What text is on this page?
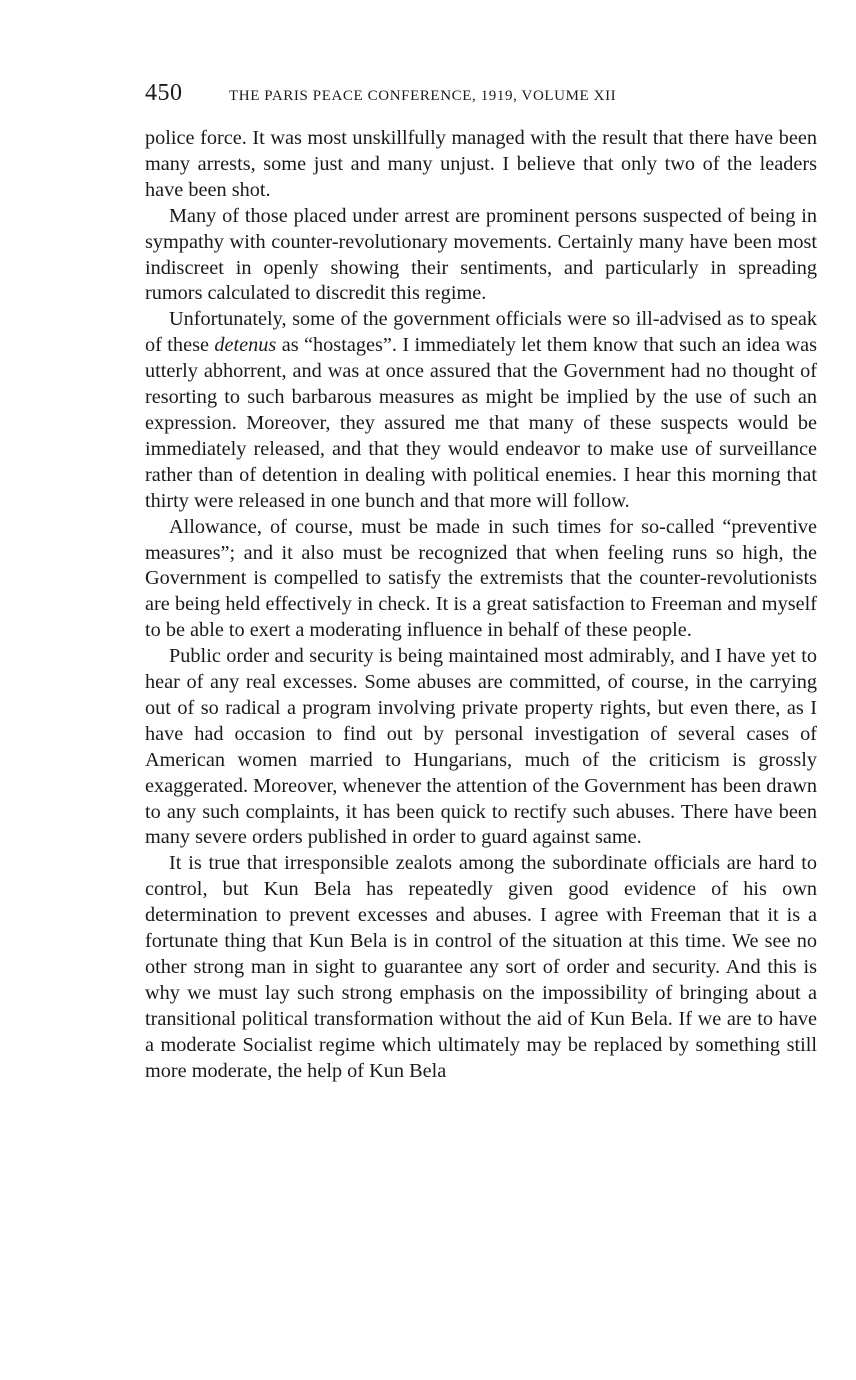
450	THE PARIS PEACE CONFERENCE, 1919, VOLUME XII

police force. It was most unskillfully managed with the result that there have been many arrests, some just and many unjust. I believe that only two of the leaders have been shot.

Many of those placed under arrest are prominent persons suspected of being in sympathy with counter-revolutionary movements. Certainly many have been most indiscreet in openly showing their sentiments, and particularly in spreading rumors calculated to discredit this regime.

Unfortunately, some of the government officials were so ill-advised as to speak of these detenus as “hostages”. I immediately let them know that such an idea was utterly abhorrent, and was at once assured that the Government had no thought of resorting to such barbarous measures as might be implied by the use of such an expression. Moreover, they assured me that many of these suspects would be immediately released, and that they would endeavor to make use of surveillance rather than of detention in dealing with political enemies. I hear this morning that thirty were released in one bunch and that more will follow.

Allowance, of course, must be made in such times for so-called “preventive measures”; and it also must be recognized that when feeling runs so high, the Government is compelled to satisfy the extremists that the counter-revolutionists are being held effectively in check. It is a great satisfaction to Freeman and myself to be able to exert a moderating influence in behalf of these people.

Public order and security is being maintained most admirably, and I have yet to hear of any real excesses. Some abuses are committed, of course, in the carrying out of so radical a program involving private property rights, but even there, as I have had occasion to find out by personal investigation of several cases of American women married to Hungarians, much of the criticism is grossly exaggerated. Moreover, whenever the attention of the Government has been drawn to any such complaints, it has been quick to rectify such abuses. There have been many severe orders published in order to guard against same.

It is true that irresponsible zealots among the subordinate officials are hard to control, but Kun Bela has repeatedly given good evidence of his own determination to prevent excesses and abuses. I agree with Freeman that it is a fortunate thing that Kun Bela is in control of the situation at this time. We see no other strong man in sight to guarantee any sort of order and security. And this is why we must lay such strong emphasis on the impossibility of bringing about a transitional political transformation without the aid of Kun Bela. If we are to have a moderate Socialist regime which ultimately may be replaced by something still more moderate, the help of Kun Bela
